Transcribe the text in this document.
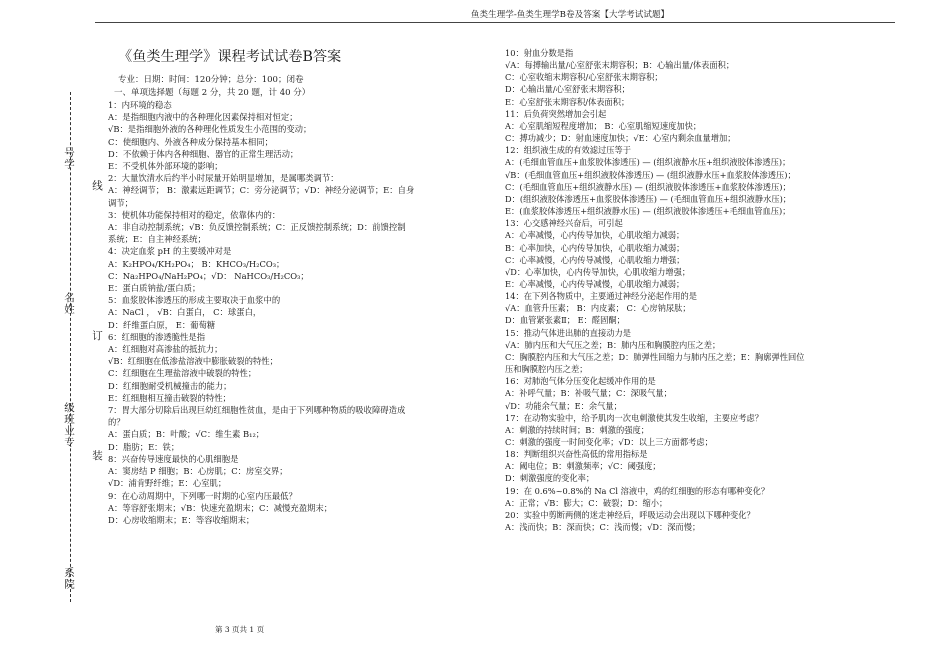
鱼类生理学-鱼类生理学B卷及答案【大学考试试题】
号学
线
名姓
订
级班业专
装
系院
《鱼类生理学》课程考试试卷B答案
专业：日期：时间：120分钟；总分：100；闭卷
一、单项选择题（每题 2 分，共 20 题，计 40 分）
1：内环境的稳态
A：是指细胞内液中的各种理化因素保持相对恒定；
√B：是指细胞外液的各种理化性质发生小范围的变动；
C：使细胞内、外液各种成分保持基本相同；
D：不依赖于体内各种细胞、器官的正常生理活动；
E：不受机体外部环境的影响；
2：大量饮清水后约半小时尿量开始明显增加，是属哪类调节：
A：神经调节； B：激素远距调节；C：旁分泌调节；√D：神经分泌调节；E：自身
调节；
3：使机体功能保持相对的稳定，依靠体内的：
A：非自动控制系统；√B：负反馈控制系统；C：正反馈控制系统；D：前馈控制
系统；E：自主神经系统；
4：决定血浆 pH 的主要缓冲对是
A：K₂HPO₄/KH₂PO₄； B：KHCO₃/H₂CO₃；
C：Na₂HPO₄/NaH₂PO₄；√D： NaHCO₃/H₂CO₃；
E：蛋白质钠盐/蛋白质；
5：血浆胶体渗透压的形成主要取决于血浆中的
A：NaCl ， √B：白蛋白， C：球蛋白，
D：纤维蛋白原， E：葡萄糖
6：红细胞的渗透脆性是指
A：红细胞对高渗盐的抵抗力；
√B：红细胞在低渗盐溶液中膨胀破裂的特性；
C：红细胞在生理盐溶液中破裂的特性；
D：红细胞耐受机械撞击的能力；
E：红细胞相互撞击破裂的特性；
7：胃大部分切除后出现巨幼红细胞性贫血，是由于下列哪种物质的吸收障碍造成
的？
A：蛋白质；B：叶酸；√C：维生素 B₁₂；
D：脂肪；E：铁；
8：兴奋传导速度最快的心肌细胞是
A：窦房结 P 细胞；B：心房肌；C：房室交界；
√D：浦肯野纤维；E：心室肌；
9：在心动周期中，下列哪一时期的心室内压最低？
A：等容舒张期末；√B：快速充盈期末；C：减慢充盈期末；
D：心房收缩期末；E：等容收缩期末；
10：射血分数是指
√A：每搏输出量/心室舒张末期容积；B：心输出量/体表面积；
C：心室收缩末期容积/心室舒张末期容积；
D：心输出量/心室舒张末期容积；
E：心室舒张末期容积/体表面积；
11：后负荷突然增加会引起
A：心室肌缩短程度增加； B：心室肌缩短速度加快；
C：搏功减少；D：射血速度加快；√E：心室内剩余血量增加；
12：组织液生成的有效滤过压等于
A：(毛细血管血压+血浆胶体渗透压) — (组织液静水压+组织液胶体渗透压)；
√B：(毛细血管血压+组织液胶体渗透压) — (组织液静水压+血浆胶体渗透压)；
C：(毛细血管血压+组织液静水压) — (组织液胶体渗透压+血浆胶体渗透压)；
D：(组织液胶体渗透压+血浆胶体渗透压) — (毛细血管血压+组织液静水压)；
E：(血浆胶体渗透压+组织液静水压) — (组织液胶体渗透压+毛细血管血压)；
13：心交感神经兴奋后，可引起
A：心率减慢，心内传导加快，心肌收缩力减弱；
B：心率加快，心内传导加快，心肌收缩力减弱；
C：心率减慢，心内传导减慢，心肌收缩力增强；
√D：心率加快，心内传导加快，心肌收缩力增强；
E：心率减慢，心内传导减慢，心肌收缩力减弱；
14：在下列各物质中，主要通过神经分泌起作用的是
√A：血管升压素； B：内皮素； C：心房钠尿肽；
D：血管紧张素Ⅱ； E：醛固酮；
15：推动气体进出肺的直接动力是
√A：肺内压和大气压之差；B：肺内压和胸膜腔内压之差；
C：胸膜腔内压和大气压之差；D：肺弹性回缩力与肺内压之差；E：胸廓弹性回位
压和胸膜腔内压之差；
16：对肺泡气体分压变化起缓冲作用的是
A：补呼气量；B：补吸气量；C：深吸气量；
√D：功能余气量；E：余气量；
17：在动物实验中，给予肌肉一次电刺激使其发生收缩，主要应考虑？
A：刺激的持续时间；B：刺激的强度；
C：刺激的强度一时间变化率；√D：以上三方面都考虑；
18：判断组织兴奋性高低的常用指标是
A：阈电位；B：刺激频率；√C：阈强度；
D：刺激强度的变化率；
19：在 0.6%~0.8%的 Na Cl 溶液中，鸡的红细胞的形态有哪种变化？
A：正常；√B：膨大；C：破裂；D：缩小；
20：实验中剪断两侧的迷走神经后，呼吸运动会出现以下哪种变化？
A：浅而快；B：深而快；C：浅而慢；√D：深而慢；
第 3 页共 1 页
